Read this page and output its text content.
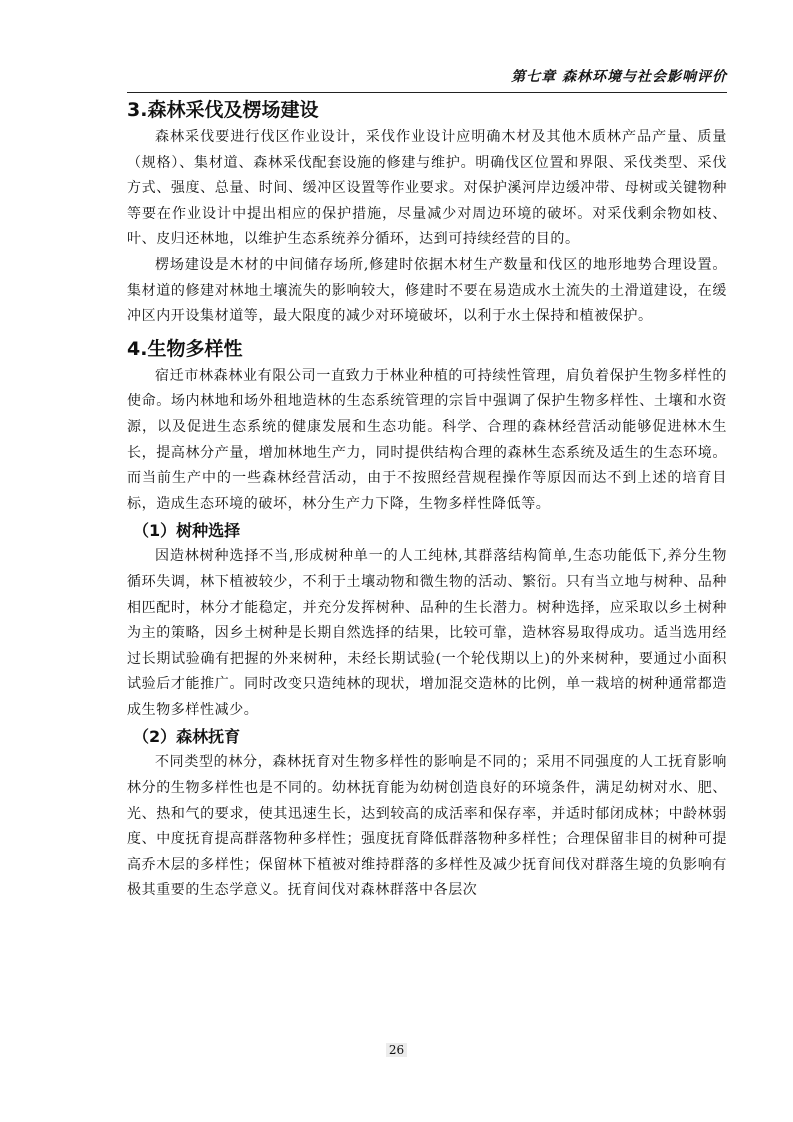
第七章 森林环境与社会影响评价
3.森林采伐及楞场建设

森林采伐要进行伐区作业设计，采伐作业设计应明确木材及其他木质林产品产量、质量（规格）、集材道、森林采伐配套设施的修建与维护。明确伐区位置和界限、采伐类型、采伐方式、强度、总量、时间、缓冲区设置等作业要求。对保护溪河岸边缓冲带、母树或关键物种等要在作业设计中提出相应的保护措施，尽量减少对周边环境的破坏。对采伐剩余物如枝、叶、皮归还林地，以维护生态系统养分循环，达到可持续经营的目的。

楞场建设是木材的中间储存场所,修建时依据木材生产数量和伐区的地形地势合理设置。集材道的修建对林地土壤流失的影响较大，修建时不要在易造成水土流失的土滑道建设，在缓冲区内开设集材道等，最大限度的减少对环境破坏，以利于水土保持和植被保护。

4.生物多样性

宿迁市林森林业有限公司一直致力于林业种植的可持续性管理，肩负着保护生物多样性的使命。场内林地和场外租地造林的生态系统管理的宗旨中强调了保护生物多样性、土壤和水资源，以及促进生态系统的健康发展和生态功能。科学、合理的森林经营活动能够促进林木生长，提高林分产量，增加林地生产力，同时提供结构合理的森林生态系统及适生的生态环境。而当前生产中的一些森林经营活动，由于不按照经营规程操作等原因而达不到上述的培育目标，造成生态环境的破坏，林分生产力下降，生物多样性降低等。

（1）树种选择

因造林树种选择不当,形成树种单一的人工纯林,其群落结构简单,生态功能低下,养分生物循环失调，林下植被较少，不利于土壤动物和微生物的活动、繁衍。只有当立地与树种、品种相匹配时，林分才能稳定，并充分发挥树种、品种的生长潜力。树种选择，应采取以乡土树种为主的策略，因乡土树种是长期自然选择的结果，比较可靠，造林容易取得成功。适当选用经过长期试验确有把握的外来树种，未经长期试验(一个轮伐期以上)的外来树种，要通过小面积试验后才能推广。同时改变只造纯林的现状，增加混交造林的比例，单一栽培的树种通常都造成生物多样性减少。

（2）森林抚育

不同类型的林分，森林抚育对生物多样性的影响是不同的；采用不同强度的人工抚育影响林分的生物多样性也是不同的。幼林抚育能为幼树创造良好的环境条件，满足幼树对水、肥、光、热和气的要求，使其迅速生长，达到较高的成活率和保存率，并适时郁闭成林；中龄林弱度、中度抚育提高群落物种多样性；强度抚育降低群落物种多样性；合理保留非目的树种可提高乔木层的多样性；保留林下植被对维持群落的多样性及减少抚育间伐对群落生境的负影响有极其重要的生态学意义。抚育间伐对森林群落中各层次

26
